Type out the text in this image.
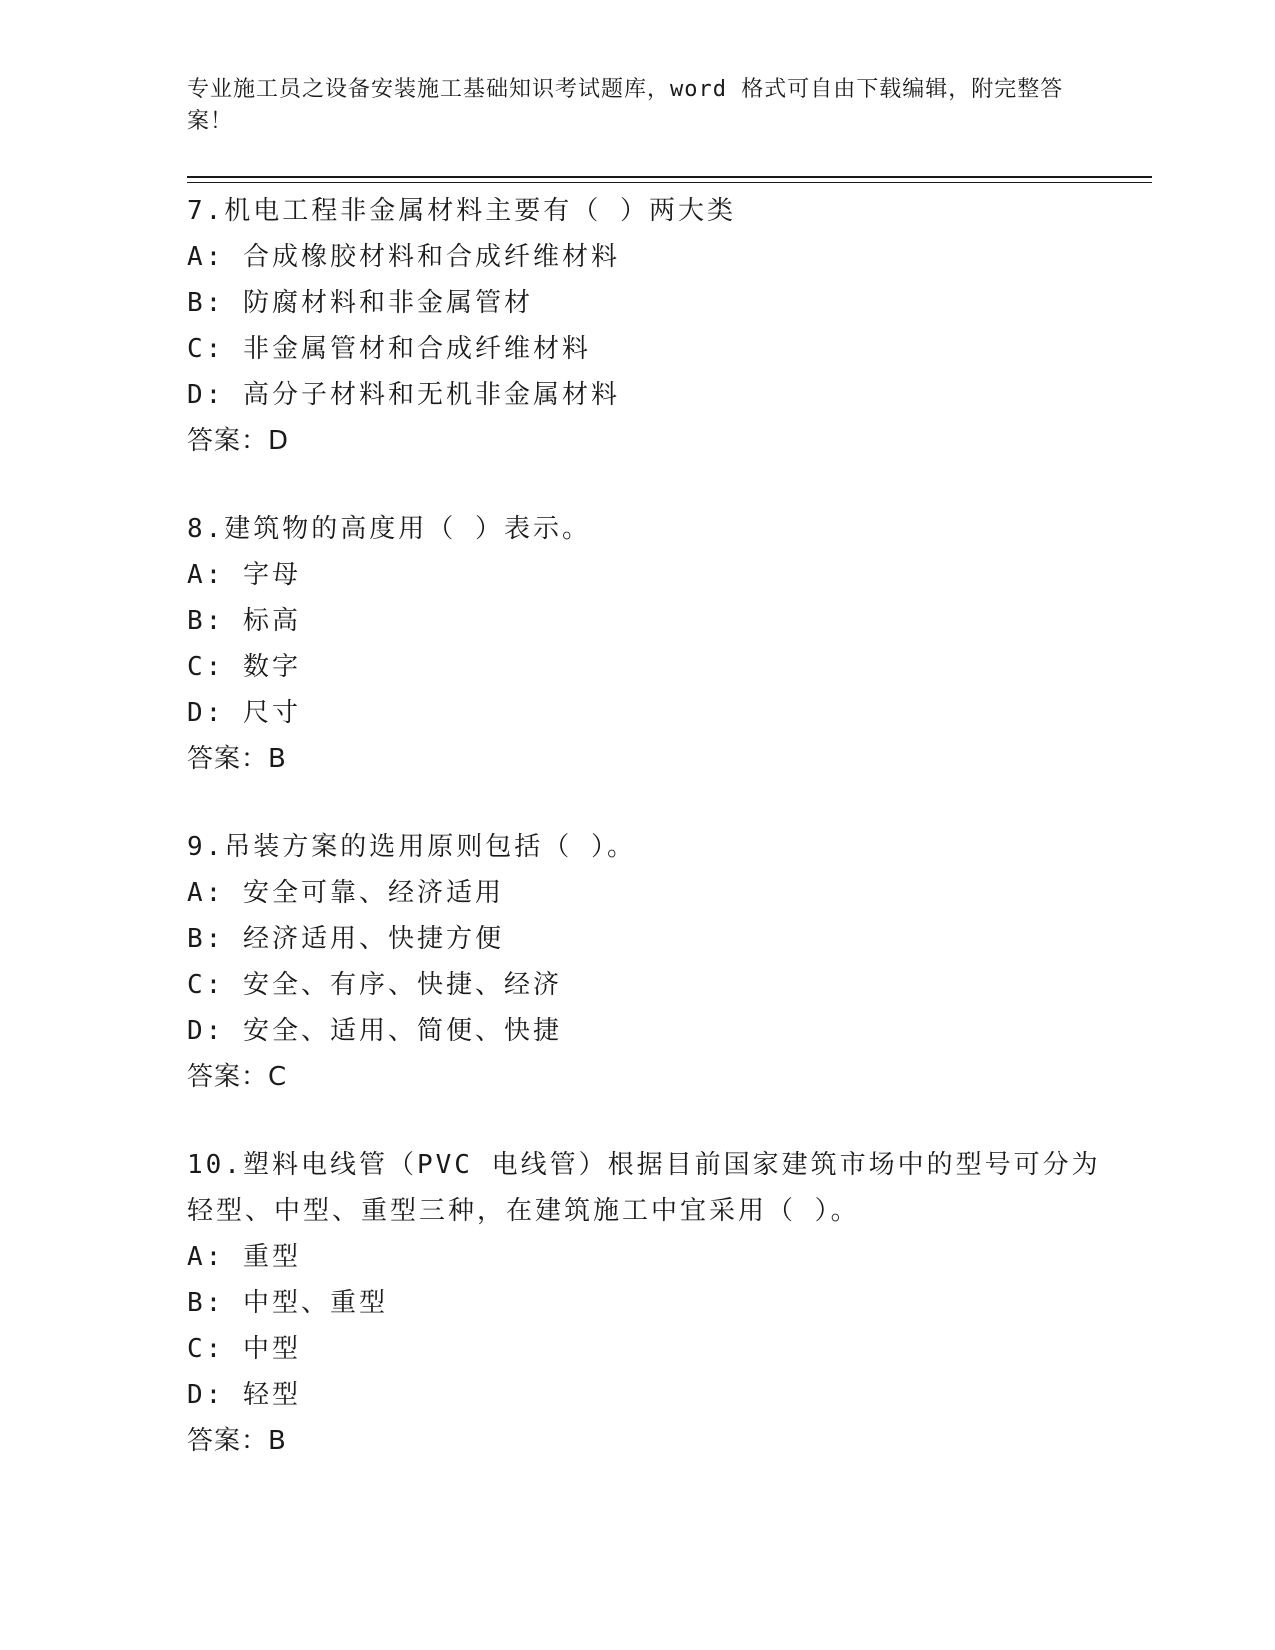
专业施工员之设备安装施工基础知识考试题库，word 格式可自由下载编辑，附完整答案！
7.机电工程非金属材料主要有（ ）两大类
A: 合成橡胶材料和合成纤维材料
B: 防腐材料和非金属管材
C: 非金属管材和合成纤维材料
D: 高分子材料和无机非金属材料
答案：D
8.建筑物的高度用（ ）表示。
A: 字母
B: 标高
C: 数字
D: 尺寸
答案：B
9.吊装方案的选用原则包括（ ）。
A: 安全可靠、经济适用
B: 经济适用、快捷方便
C: 安全、有序、快捷、经济
D: 安全、适用、简便、快捷
答案：C
10.塑料电线管（PVC 电线管）根据目前国家建筑市场中的型号可分为
轻型、中型、重型三种，在建筑施工中宜采用（ ）。
A: 重型
B: 中型、重型
C: 中型
D: 轻型
答案：B
